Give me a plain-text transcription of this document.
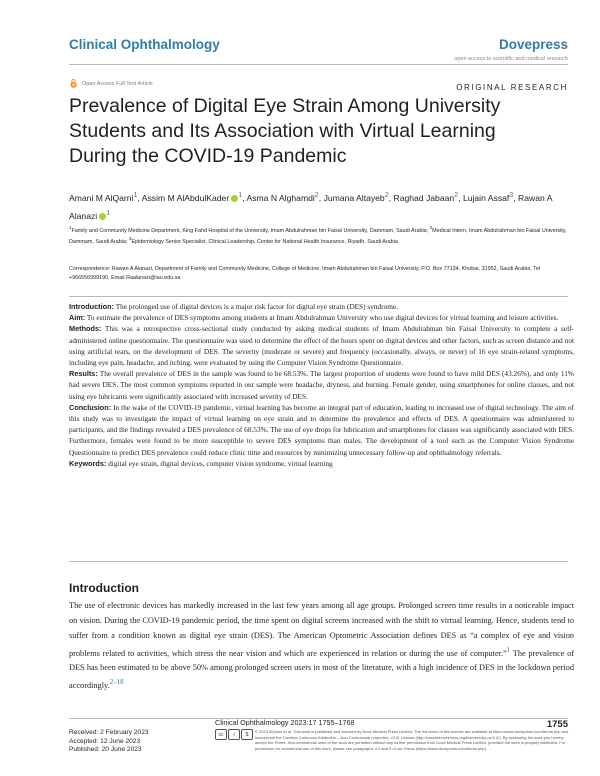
Clinical Ophthalmology	Dovepress
open access to scientific and medical research
Open Access Full Text Article	ORIGINAL RESEARCH
Prevalence of Digital Eye Strain Among University Students and Its Association with Virtual Learning During the COVID-19 Pandemic
Amani M AlQarni$^1$, Assim M AlAbdulKader $^1$, Asma N Alghamdi$^2$, Jumana Altayeb$^2$, Raghad Jabaan$^2$, Lujain Assaf$^3$, Rawan A Alanazi $^1$
$^1$Family and Community Medicine Department, King Fahd Hospital of the University, Imam Abdulrahman bin Faisal University, Dammam, Saudi Arabia; $^2$Medical Intern, Imam Abdulrahman bin Faisal University, Dammam, Saudi Arabia; $^3$Epidemiology Senior Specialist, Clinical Leadership, Center for National Health Insurance, Riyadh, Saudi Arabia
Correspondence: Rawan A Alanazi, Department of Family and Community Medicine, College of Medicine, Imam Abdulrahman bin Faisal University, P.O. Box 77134, Khobar, 31952, Saudi Arabia, Tel +966556999190, Email Raalanazi@iau.edu.sa

Introduction: The prolonged use of digital devices is a major risk factor for digital eye strain (DES) syndrome.

Aim: To estimate the prevalence of DES symptoms among students at Imam Abdulrahman University who use digital devices for virtual learning and leisure activities.

Methods: This was a retrospective cross-sectional study conducted by asking medical students of Imam Abdulrahman bin Faisal University to complete a self-administered online questionnaire. The questionnaire was used to determine the effect of the hours spent on digital devices and other factors, such as screen distance and not using artificial tears, on the development of DES. The severity (moderate or severe) and frequency (occasionally, always, or never) of 16 eye strain-related symptoms, including eye pain, headache, and itching, were evaluated by using the Computer Vision Syndrome Questionnaire.

Results: The overall prevalence of DES in the sample was found to be 68.53%. The largest proportion of students were found to have mild DES (43.26%), and only 11% had severe DES. The most common symptoms reported in our sample were headache, dryness, and burning. Female gender, using smartphones for online classes, and not using eye lubricants were significantly associated with increased severity of DES.

Conclusion: In the wake of the COVID-19 pandemic, virtual learning has become an integral part of education, leading to increased use of digital technology. The aim of this study was to investigate the impact of virtual learning on eye strain and to determine the prevalence and effects of DES. A questionnaire was administered to participants, and the findings revealed a DES prevalence of 68.53%. The use of eye drops for lubrication and smartphones for classes was significantly associated with DES. Furthermore, females were found to be more susceptible to severe DES symptoms than males. The development of a tool such as the Computer Vision Syndrome Questionnaire to predict DES prevalence could reduce clinic time and resources by minimizing unnecessary follow-up and ophthalmology referrals.

Keywords: digital eye strain, digital devices, computer vision syndrome, virtual learning

Introduction

The use of electronic devices has markedly increased in the last few years among all age groups. Prolonged screen time results in a noticeable impact on vision. During the COVID-19 pandemic period, the time spent on digital screens increased with the shift to virtual learning. Hence, students tend to suffer from a condition known as digital eye strain (DES). The American Optometric Association defines DES as “a complex of eye and vision problems related to activities, which stress the near vision and which are experienced in relation or during the use of computer.”$^1$ The prevalence of DES has been estimated to be above 50% among prolonged screen users in most of the literature, with a high incidence of DES in the lockdown period accordingly.$^{2-18}$

Received: 2 February 2023
Accepted: 12 June 2023
Published: 20 June 2023
Clinical Ophthalmology 2023:17 1755–1768	1755
cc	i	$	© 2023 AlQarni et al. This work is published and licensed by Dove Medical Press Limited. The full terms of this license are available at https://www.dovepress.com/terms.php and incorporate the Creative Commons Attribution – Non Commercial (unported, v3.0) License (http://creativecommons.org/licenses/by-nc/3.0/). By accessing the work you hereby accept the Terms. Non-commercial uses of the work are permitted without any further permission from Dove Medical Press Limited, provided the work is properly attributed. For permission for commercial use of this work, please see paragraphs 4.2 and 5 of our Terms (https://www.dovepress.com/terms.php).
